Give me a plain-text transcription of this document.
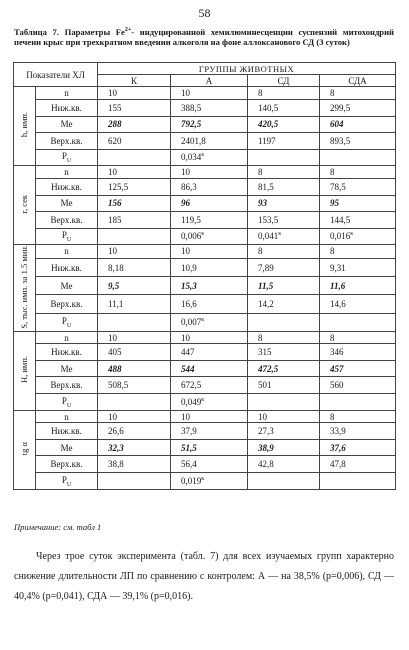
58
Таблица 7. Параметры $Fe^{2+}-$ индуцированной хемилюминесценции суспензий митохондрий печени крыс при трехкратном введении алкоголя на фоне аллоксанового СД (3 суток)
Показатели ХЛ		ГРУППЫ ЖИВОТНЫХ			
		К	А	СД	СДА
h, имп.	n	10	10	8	8

	Ниж.кв.	155	388,5	140,5	299,5

	Ме	288	792,5	420,5	604

	Верх.кв.	620	2401,8	1197	893,5

	$P_U$		$0,034^к$

г, сек	n	10	10	8	8

	Ниж.кв.	125,5	86,3	81,5	78,5

	Ме	156	96	93	95

	Верх.кв.	185	119,5	153,5	144,5

	$P_U$		$0,006^к$	$0,041^к$	$0,016^к$

S, тыс. имп. за 1.5 мин.	n	10	10	8	8

	Ниж.кв.	8,18	10,9	7,89	9,31

	Ме	9,5	15,3	11,5	11,6

	Верх.кв.	11,1	16,6	14,2	14,6

	$P_U$		$0,007^к$

Н, имп.	n	10	10	8	8

	Ниж.кв.	405	447	315	346

	Ме	488	544	472,5	457

	Верх.кв.	508,5	672,5	501	560

	$P_U$		$0,049^к$

tg α	n	10	10	10	8

	Ниж.кв.	26,6	37,9	27,3	33,9

	Ме	32,3	51,5	38,9	37,6

	Верх.кв.	38,8	56,4	42,8	47,8

	$P_U$		$0,019^к$

Примечание: см. табл 1
Через трое суток эксперимента (табл. 7) для всех изучаемых групп характерно снижение длительности ЛП по сравнению с контролем: А — на 38,5% (p=0,006), СД — 40,4% (p=0,041), СДА — 39,1% (p=0,016).
